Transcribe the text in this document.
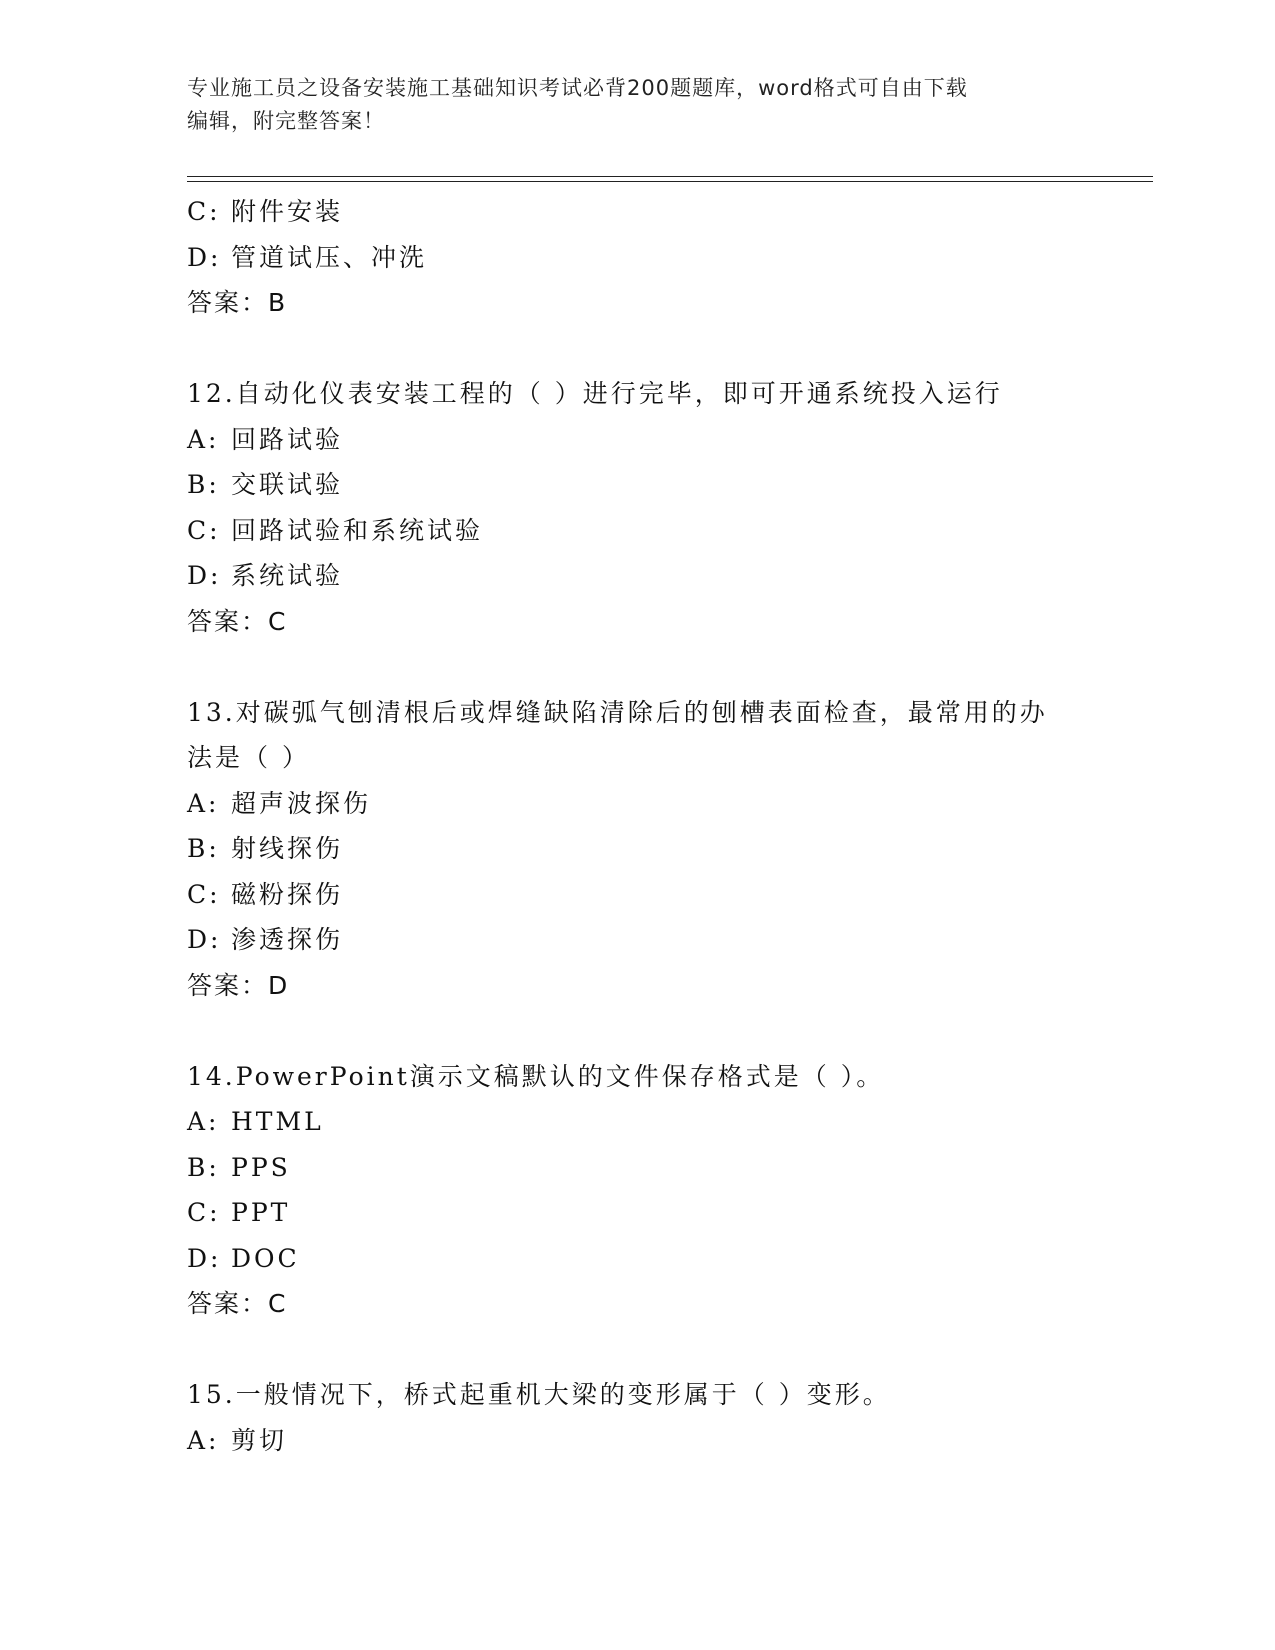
专业施工员之设备安装施工基础知识考试必背200题题库，word格式可自由下载
编辑，附完整答案！
C: 附件安装
D: 管道试压、冲洗
答案：B
12.自动化仪表安装工程的（ ）进行完毕，即可开通系统投入运行
A: 回路试验
B: 交联试验
C: 回路试验和系统试验
D: 系统试验
答案：C
13.对碳弧气刨清根后或焊缝缺陷清除后的刨槽表面检查，最常用的办法是（ ）
A: 超声波探伤
B: 射线探伤
C: 磁粉探伤
D: 渗透探伤
答案：D
14.PowerPoint演示文稿默认的文件保存格式是（ ）。
A: HTML
B: PPS
C: PPT
D: DOC
答案：C
15.一般情况下，桥式起重机大梁的变形属于（ ）变形。
A: 剪切
